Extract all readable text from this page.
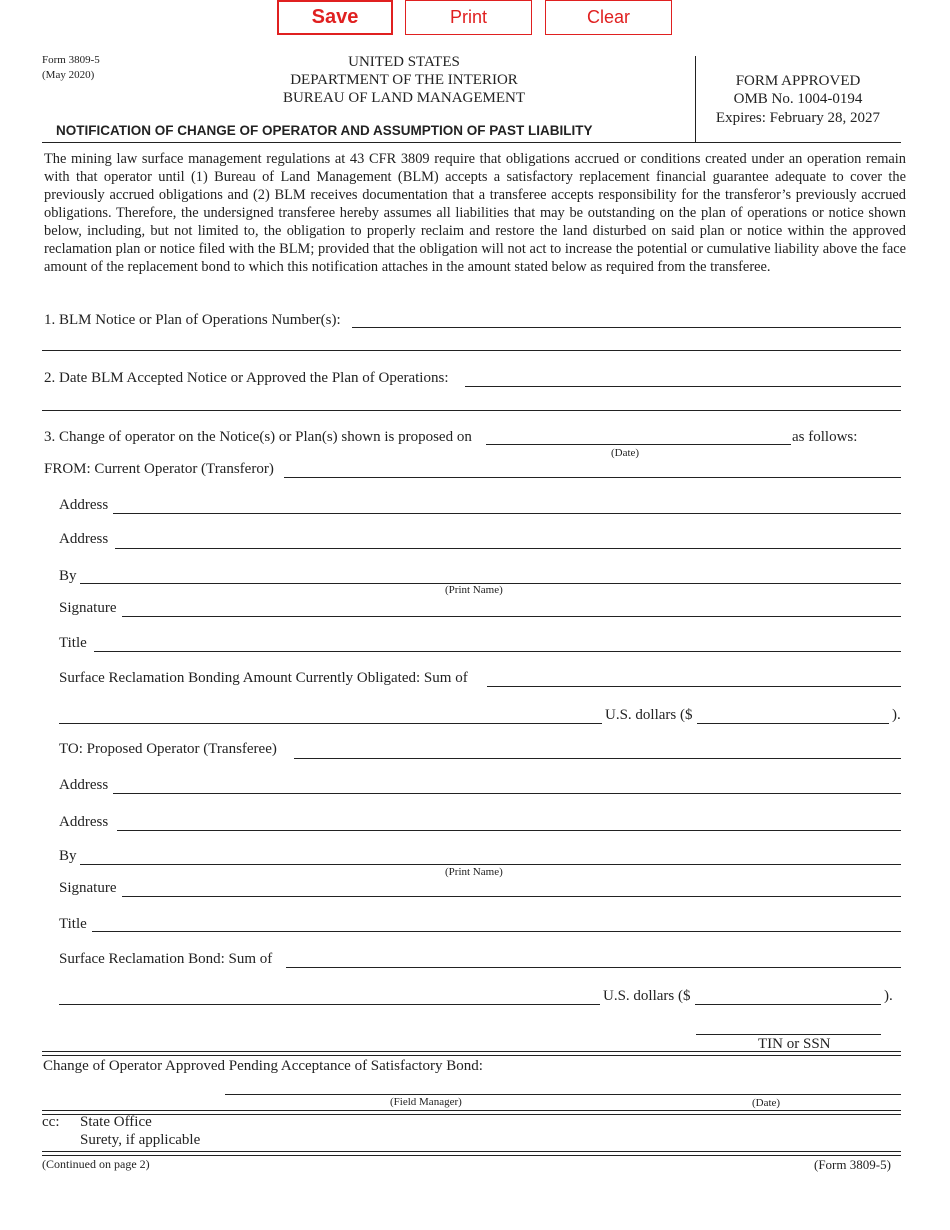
Save	Print	Clear
Form 3809-5
(May 2020)
UNITED STATES
DEPARTMENT OF THE INTERIOR
BUREAU OF LAND MANAGEMENT
FORM APPROVED
OMB No. 1004-0194
Expires: February 28, 2027
NOTIFICATION OF CHANGE OF OPERATOR AND ASSUMPTION OF PAST LIABILITY
The mining law surface management regulations at 43 CFR 3809 require that obligations accrued or conditions created under an operation remain with that operator until (1) Bureau of Land Management (BLM) accepts a satisfactory replacement financial guarantee adequate to cover the previously accrued obligations and (2) BLM receives documentation that a transferee accepts responsibility for the transferor’s previously accrued obligations. Therefore, the undersigned transferee hereby assumes all liabilities that may be outstanding on the plan of operations or notice shown below, including, but not limited to, the obligation to properly reclaim and restore the land disturbed on said plan or notice within the approved reclamation plan or notice filed with the BLM; provided that the obligation will not act to increase the potential or cumulative liability above the face amount of the replacement bond to which this notification attaches in the amount stated below as required from the transferee.
1. BLM Notice or Plan of Operations Number(s):
2. Date BLM Accepted Notice or Approved the Plan of Operations:
3. Change of operator on the Notice(s) or Plan(s) shown is proposed on	as follows:
(Date)
FROM: Current Operator (Transferor)
Address
Address
By
(Print Name)
Signature
Title
Surface Reclamation Bonding Amount Currently Obligated: Sum of
U.S. dollars ($	).
TO: Proposed Operator (Transferee)
Address
Address
By
(Print Name)
Signature
Title
Surface Reclamation Bond: Sum of
U.S. dollars ($	).
TIN or SSN
Change of Operator Approved Pending Acceptance of Satisfactory Bond:
(Field Manager)	(Date)
cc: State Office
Surety, if applicable
(Continued on page 2)	(Form 3809-5)
